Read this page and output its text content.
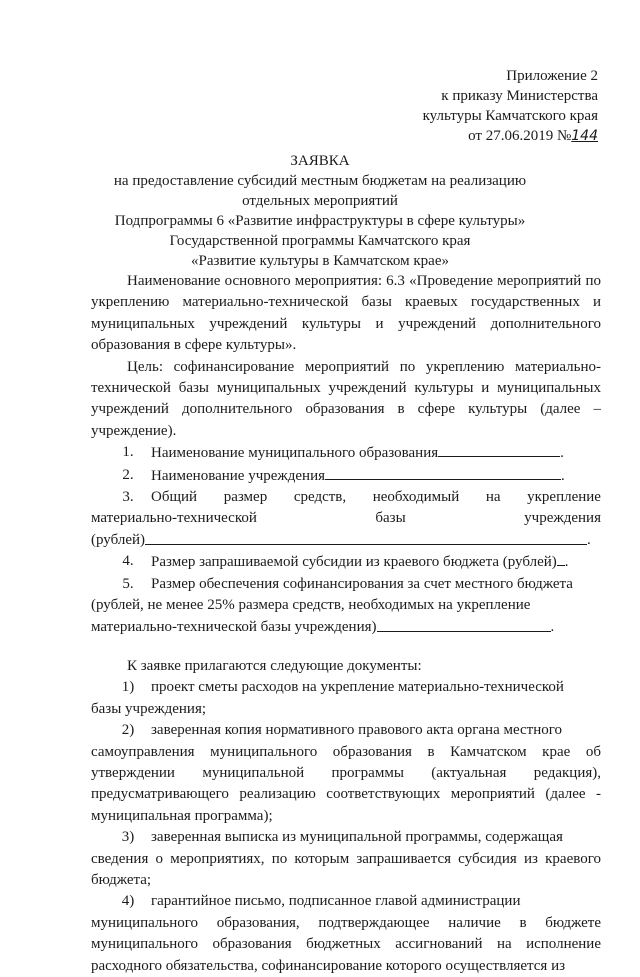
Приложение 2
к приказу Министерства
культуры Камчатского края
от 27.06.2019 №144
ЗАЯВКА
на предоставление субсидий местным бюджетам на реализацию
отдельных мероприятий
Подпрограммы 6 «Развитие инфраструктуры в сфере культуры»
Государственной программы Камчатского края
«Развитие культуры в Камчатском крае»

Наименование основного мероприятия: 6.3 «Проведение мероприятий по укреплению материально-технической базы краевых государственных и муниципальных учреждений культуры и учреждений дополнительного образования в сфере культуры».

Цель: софинансирование мероприятий по укреплению материально-технической базы муниципальных учреждений культуры и муниципальных учреждений дополнительного образования в сфере культуры (далее – учреждение).

1.	Наименование муниципального образования	.
2.	Наименование учреждения	.
3.	Общий размер средств, необходимый на укрепление
материально-технической	базы	учреждения
(рублей)	.
4.	Размер запрашиваемой субсидии из краевого бюджета (рублей) .
5.	Размер обеспечения софинансирования за счет местного бюджета
(рублей, не менее 25% размера средств, необходимых на укрепление
материально-технической базы учреждения)	.
К заявке прилагаются следующие документы:
1)	проект сметы расходов на укрепление материально-технической
базы учреждения;
2)	заверенная копия нормативного правового акта органа местного

самоуправления муниципального образования в Камчатском крае об утверждении муниципальной программы (актуальная редакция), предусматривающего реализацию соответствующих мероприятий (далее - муниципальная программа);

3)	заверенная выписка из муниципальной программы, содержащая

сведения о мероприятиях, по которым запрашивается субсидия из краевого бюджета;

4)	гарантийное письмо, подписанное главой администрации

муниципального образования, подтверждающее наличие в бюджете муниципального образования бюджетных ассигнований на исполнение расходного обязательства, софинансирование которого осуществляется из
